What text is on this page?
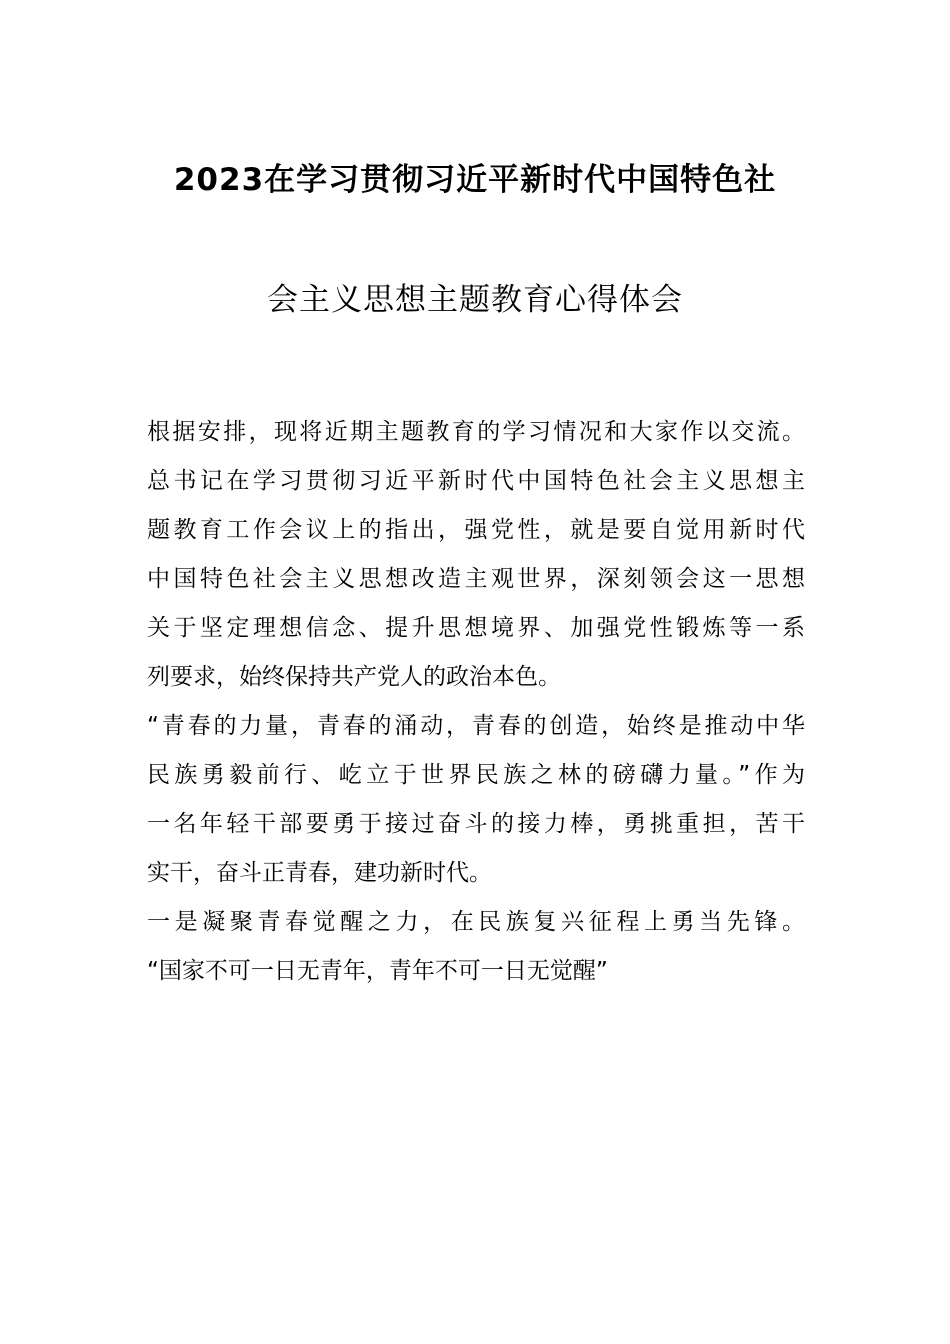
2023在学习贯彻习近平新时代中国特色社
会主义思想主题教育心得体会
根据安排，现将近期主题教育的学习情况和大家作以交流。
总书记在学习贯彻习近平新时代中国特色社会主义思想主
题教育工作会议上的指出，强党性，就是要自觉用新时代
中国特色社会主义思想改造主观世界，深刻领会这一思想
关于坚定理想信念、提升思想境界、加强党性锻炼等一系
列要求，始终保持共产党人的政治本色。
“青春的力量，青春的涌动，青春的创造，始终是推动中华
民族勇毅前行、屹立于世界民族之林的磅礴力量。”作为
一名年轻干部要勇于接过奋斗的接力棒，勇挑重担，苦干
实干，奋斗正青春，建功新时代。
一是凝聚青春觉醒之力，在民族复兴征程上勇当先锋。
“国家不可一日无青年，青年不可一日无觉醒”
